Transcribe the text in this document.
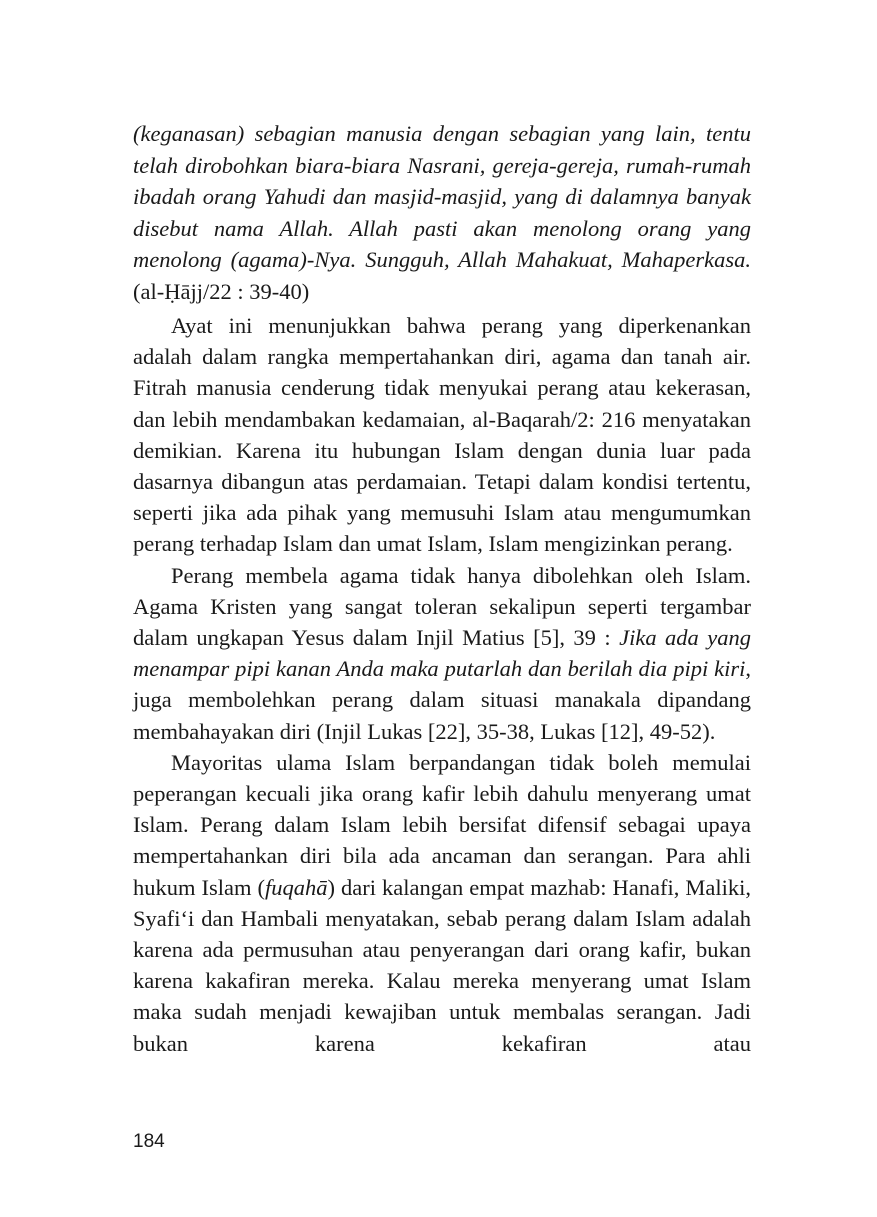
(keganasan) sebagian manusia dengan sebagian yang lain, tentu telah dirobohkan biara-biara Nasrani, gereja-gereja, rumah-rumah ibadah orang Yahudi dan masjid-masjid, yang di dalamnya banyak disebut nama Allah. Allah pasti akan menolong orang yang menolong (agama)-Nya. Sungguh, Allah Mahakuat, Mahaperkasa. (al-Ḥājj/22 : 39-40)

Ayat ini menunjukkan bahwa perang yang diperkenankan adalah dalam rangka mempertahankan diri, agama dan tanah air. Fitrah manusia cenderung tidak menyukai perang atau kekerasan, dan lebih mendambakan kedamaian, al-Baqarah/2: 216 menyatakan demikian. Karena itu hubungan Islam dengan dunia luar pada dasarnya dibangun atas perdamaian. Tetapi dalam kondisi tertentu, seperti jika ada pihak yang memusuhi Islam atau mengumumkan perang terhadap Islam dan umat Islam, Islam mengizinkan perang.

Perang membela agama tidak hanya dibolehkan oleh Islam. Agama Kristen yang sangat toleran sekalipun seperti tergambar dalam ungkapan Yesus dalam Injil Matius [5], 39 : Jika ada yang menampar pipi kanan Anda maka putarlah dan berilah dia pipi kiri, juga membolehkan perang dalam situasi manakala dipandang membahayakan diri (Injil Lukas [22], 35-38, Lukas [12], 49-52).

Mayoritas ulama Islam berpandangan tidak boleh memulai peperangan kecuali jika orang kafir lebih dahulu menyerang umat Islam. Perang dalam Islam lebih bersifat difensif sebagai upaya mempertahankan diri bila ada ancaman dan serangan. Para ahli hukum Islam (fuqahā) dari kalangan empat mazhab: Hanafi, Maliki, Syafi‘i dan Hambali menyatakan, sebab perang dalam Islam adalah karena ada permusuhan atau penyerangan dari orang kafir, bukan karena kakafiran mereka. Kalau mereka menyerang umat Islam maka sudah menjadi kewajiban untuk membalas serangan. Jadi bukan karena kekafiran atau

184
